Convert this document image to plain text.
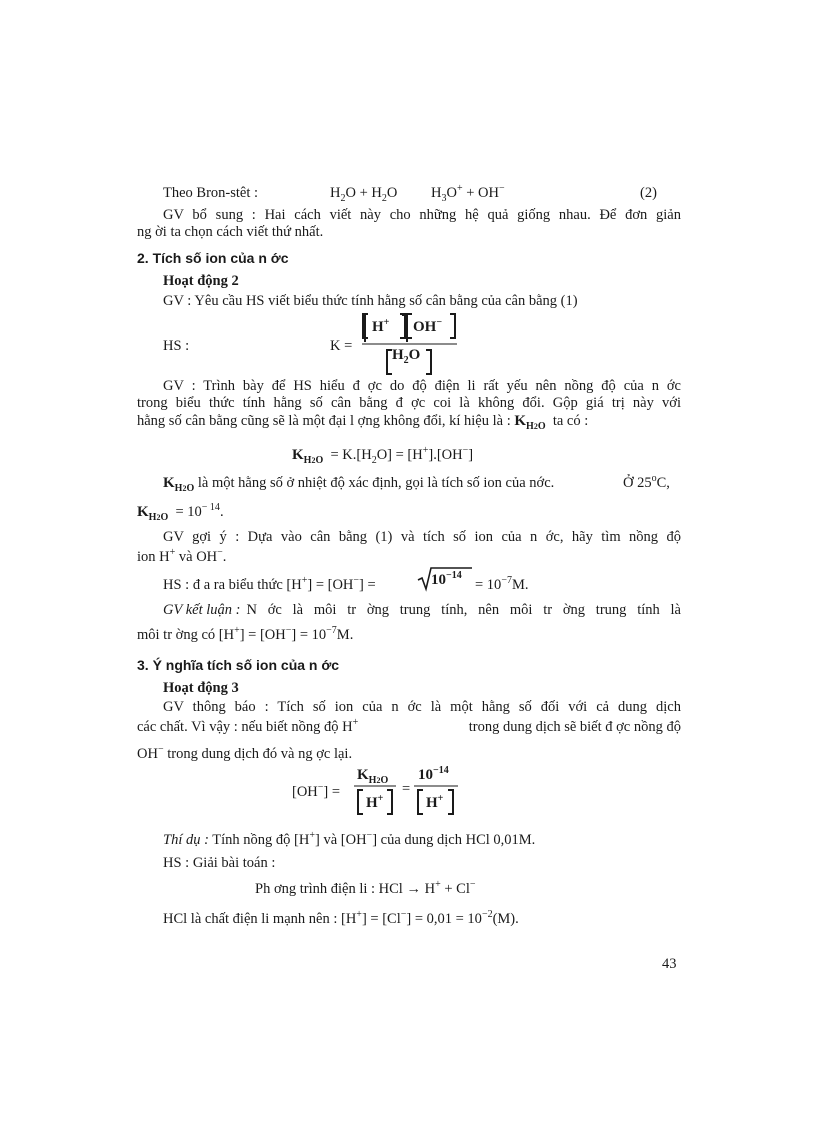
Theo Bron-stêt :	$H_2O + H_2O$ $H_3O^+ + OH^-$	(2)
GV bổ sung : Hai cách viết này cho những hệ quả giống nhau. Để đơn giản
ng ời ta chọn cách viết thứ nhất.
2. Tích số ion của n ớc
Hoạt động 2
GV : Yêu cầu HS viết biểu thức tính hằng số cân bằng của cân bằng (1)
HS :	K =
H+ OH−
$H_2O$
GV : Trình bày để HS hiểu đ ợc do độ điện li rất yếu nên nồng độ của n ớc
trong biểu thức tính hằng số cân bằng đ ợc coi là không đổi. Gộp giá trị này với
hằng số cân bằng cũng sẽ là một đại l ợng không đổi, kí hiệu là : $K_{H2O}$ ta có :
$K_{H2O} = K.[H_2O] = [H^+].[OH^-]$
$K_{H2O}$ là một hằng số ở nhiệt độ xác định, gọi là tích số ion của nớc.	Ở 25$^o$C,
$K_{H2O} = 10^{- 14}$.
GV gợi ý : Dựa vào cân bằng (1) và tích số ion của n ớc, hãy tìm nồng độ
ion H+ và OH−.
HS : đ a ra biểu thức [H+] = [OH−] =	$10^{-14}$
= $10^{-7}M$.
GV kết luận : N ớc là môi tr ờng trung tính, nên môi tr ờng trung tính là
môi tr ờng có $[H^+] = [OH^-] = 10^{-7}M$.
3. Ý nghĩa tích số ion của n ớc
Hoạt động 3
GV thông báo : Tích số ion của n ớc là một hằng số đối với cả dung dịch
các chất. Vì vậy : nếu biết nồng độ H+	trong dung dịch sẽ biết đ ợc nồng độ
OH− trong dung dịch đó và ng ợc lại.
[OH−] =
$K_{H2O}$
H+
=
$10^{-14}$
H+
Thí dụ : Tính nồng độ [H+] và [OH−] của dung dịch HCl 0,01M.
HS : Giải bài toán :
Ph ơng trình điện li : HCl → H+ + Cl−
HCl là chất điện li mạnh nên : $[H^+] = [Cl^-] = 0,01 = 10^{-2}(M)$.
43
